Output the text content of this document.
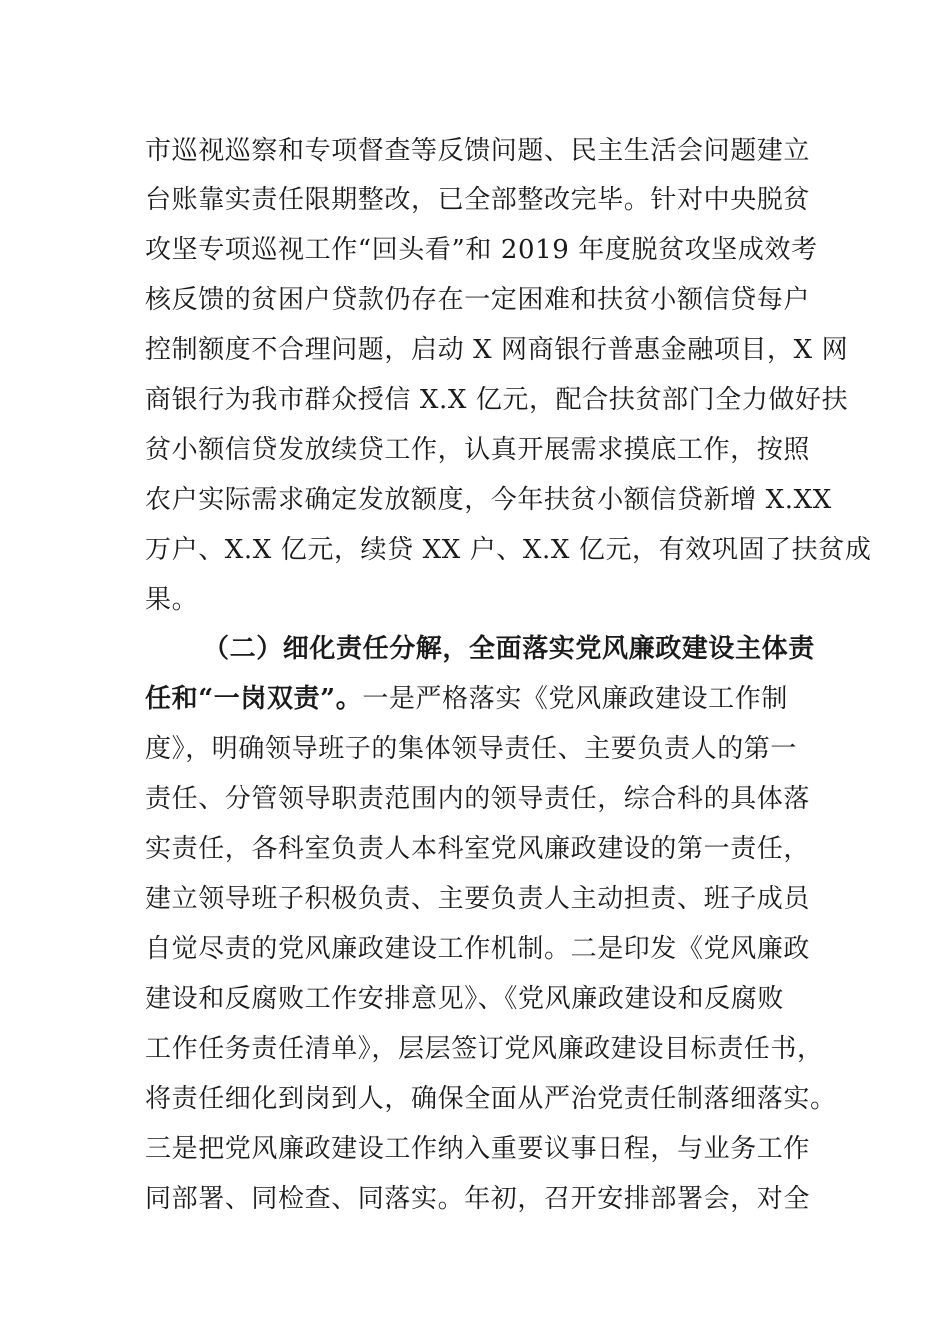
市巡视巡察和专项督查等反馈问题、民主生活会问题建立
台账靠实责任限期整改，已全部整改完毕。针对中央脱贫
攻坚专项巡视工作“回头看”和 2019 年度脱贫攻坚成效考
核反馈的贫困户贷款仍存在一定困难和扶贫小额信贷每户
控制额度不合理问题，启动 X 网商银行普惠金融项目，X 网
商银行为我市群众授信 X.X 亿元，配合扶贫部门全力做好扶
贫小额信贷发放续贷工作，认真开展需求摸底工作，按照
农户实际需求确定发放额度，今年扶贫小额信贷新增 X.XX
万户、X.X 亿元，续贷 XX 户、X.X 亿元，有效巩固了扶贫成
果。
（二）细化责任分解，全面落实党风廉政建设主体责
任和“一岗双责”。一是严格落实《党风廉政建设工作制
度》，明确领导班子的集体领导责任、主要负责人的第一
责任、分管领导职责范围内的领导责任，综合科的具体落
实责任，各科室负责人本科室党风廉政建设的第一责任，
建立领导班子积极负责、主要负责人主动担责、班子成员
自觉尽责的党风廉政建设工作机制。二是印发《党风廉政
建设和反腐败工作安排意见》、《党风廉政建设和反腐败
工作任务责任清单》，层层签订党风廉政建设目标责任书，
将责任细化到岗到人，确保全面从严治党责任制落细落实。
三是把党风廉政建设工作纳入重要议事日程，与业务工作
同部署、同检查、同落实。年初，召开安排部署会，对全
